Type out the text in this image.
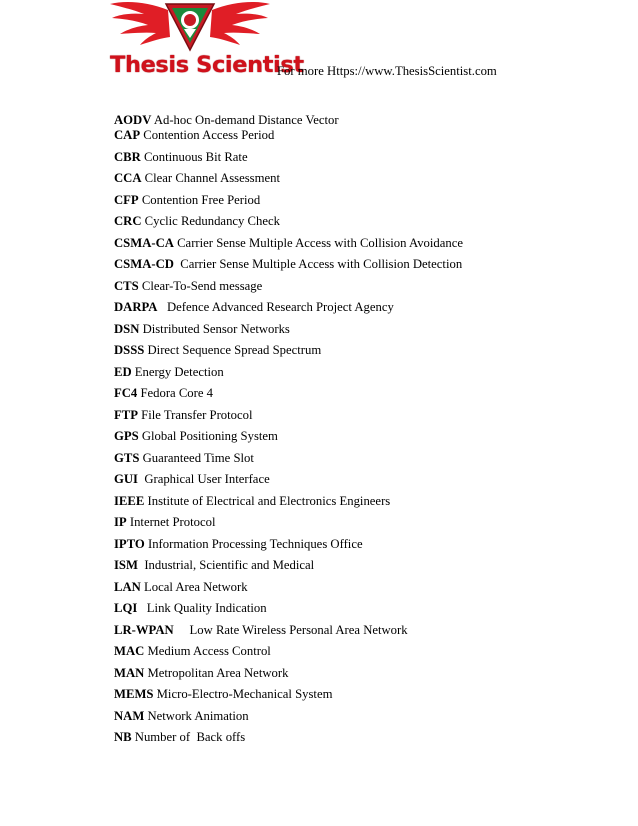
Thesis Scientist
For more Https://www.ThesisScientist.com
AODV Ad-hoc On-demand Distance Vector
CAP Contention Access Period
CBR Continuous Bit Rate
CCA Clear Channel Assessment
CFP Contention Free Period
CRC Cyclic Redundancy Check
CSMA-CA Carrier Sense Multiple Access with Collision Avoidance
CSMA-CD  Carrier Sense Multiple Access with Collision Detection
CTS Clear-To-Send message
DARPA   Defence Advanced Research Project Agency
DSN Distributed Sensor Networks
DSSS Direct Sequence Spread Spectrum
ED Energy Detection
FC4 Fedora Core 4
FTP File Transfer Protocol
GPS Global Positioning System
GTS Guaranteed Time Slot
GUI  Graphical User Interface
IEEE Institute of Electrical and Electronics Engineers
IP Internet Protocol
IPTO Information Processing Techniques Office
ISM  Industrial, Scientific and Medical
LAN Local Area Network
LQI   Link Quality Indication
LR-WPAN     Low Rate Wireless Personal Area Network
MAC Medium Access Control
MAN Metropolitan Area Network
MEMS Micro-Electro-Mechanical System
NAM Network Animation
NB Number of  Back offs
